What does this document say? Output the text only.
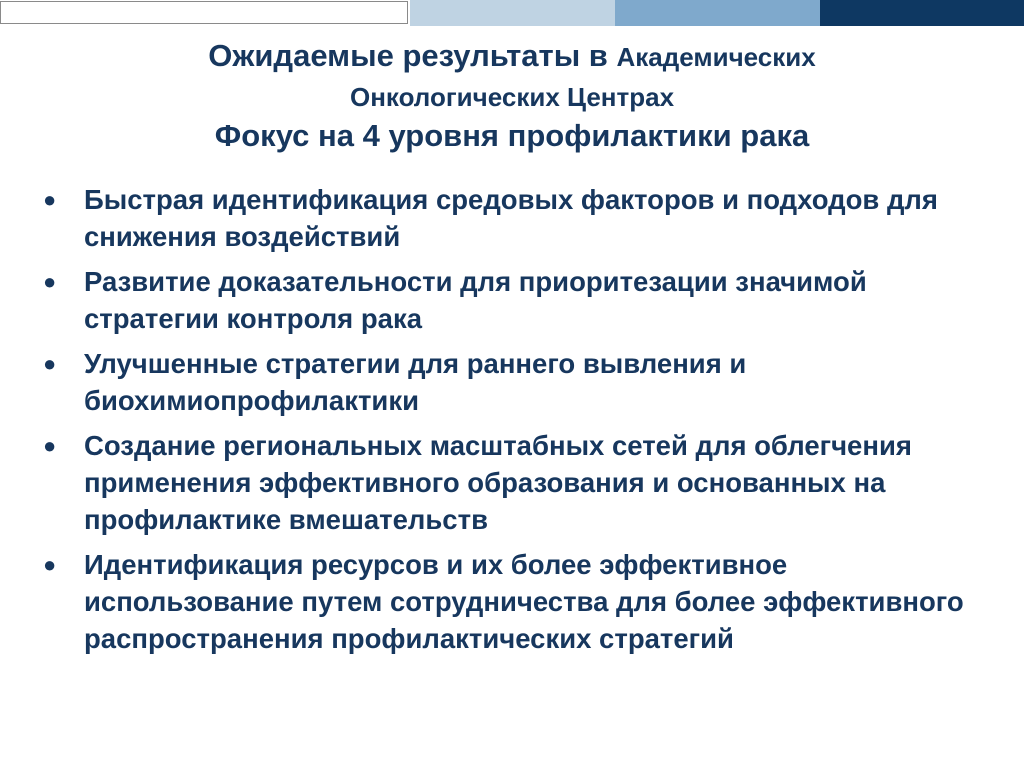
Ожидаемые результаты в Академических
Онкологических Центрах
Фокус на 4 уровня профилактики рака
● Быстрая идентификация средовых факторов и подходов для снижения воздействий
● Развитие доказательности для приоритезации значимой стратегии контроля рака
● Улучшенные стратегии для раннего вывления и биохимиопрофилактики
● Создание региональных масштабных сетей для облегчения применения эффективного образования и основанных на профилактике вмешательств
● Идентификация ресурсов и их более эффективное использование путем сотрудничества для более эффективного распространения профилактических стратегий
